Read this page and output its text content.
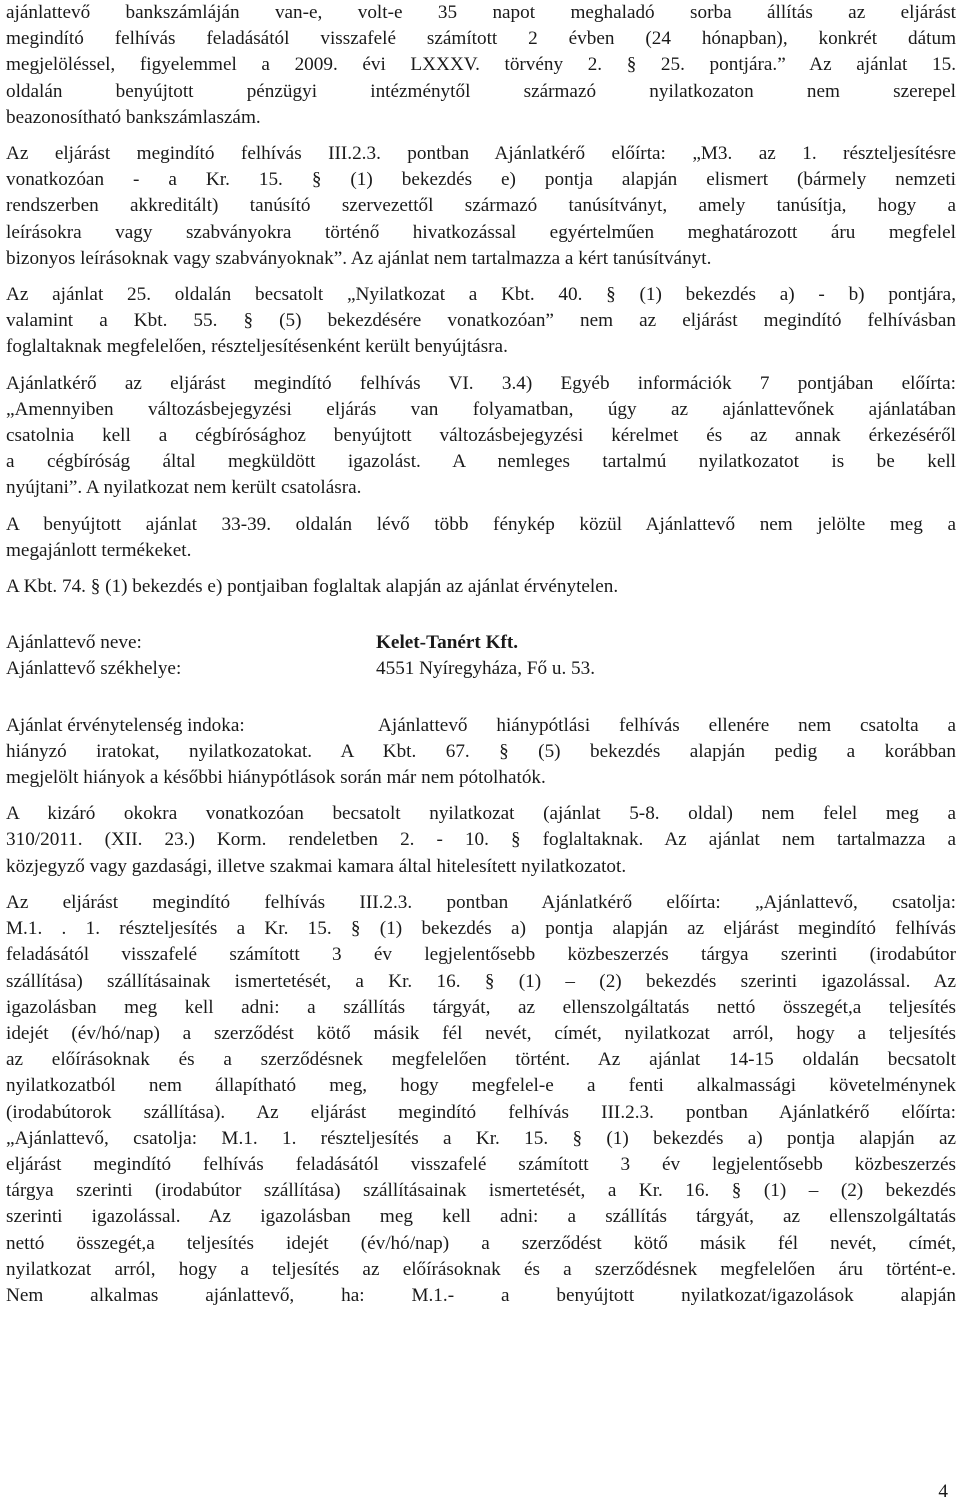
ajánlattevő bankszámláján van-e, volt-e 35 napot meghaladó sorba állítás az eljárást
megindító felhívás feladásától visszafelé számított 2 évben (24 hónapban), konkrét dátum
megjelöléssel, figyelemmel a 2009. évi LXXXV. törvény 2. § 25. pontjára.” Az ajánlat 15.
oldalán benyújtott pénzügyi intézménytől származó nyilatkozaton nem szerepel
beazonosítható bankszámlaszám.
Az eljárást megindító felhívás III.2.3. pontban Ajánlatkérő előírta: „M3. az 1. részteljesítésre
vonatkozóan - a Kr. 15. § (1) bekezdés e) pontja alapján elismert (bármely nemzeti
rendszerben akkreditált) tanúsító szervezettől származó tanúsítványt, amely tanúsítja, hogy a
leírásokra vagy szabványokra történő hivatkozással egyértelműen meghatározott áru megfelel
bizonyos leírásoknak vagy szabványoknak”. Az ajánlat nem tartalmazza a kért tanúsítványt.
Az ajánlat 25. oldalán becsatolt „Nyilatkozat a Kbt. 40. § (1) bekezdés a) - b) pontjára,
valamint a Kbt. 55. § (5) bekezdésére vonatkozóan” nem az eljárást megindító felhívásban
foglaltaknak megfelelően, részteljesítésenként került benyújtásra.
Ajánlatkérő az eljárást megindító felhívás VI. 3.4) Egyéb információk 7 pontjában előírta:
„Amennyiben változásbejegyzési eljárás van folyamatban, úgy az ajánlattevőnek ajánlatában
csatolnia kell a cégbírósághoz benyújtott változásbejegyzési kérelmet és az annak érkezéséről
a cégbíróság által megküldött igazolást. A nemleges tartalmú nyilatkozatot is be kell
nyújtani”. A nyilatkozat nem került csatolásra.
A benyújtott ajánlat 33-39. oldalán lévő több fénykép közül Ajánlattevő nem jelölte meg a
megajánlott termékeket.
A Kbt. 74. § (1) bekezdés e) pontjaiban foglaltak alapján az ajánlat érvénytelen.
Ajánlattevő neve:	Kelet-Tanért Kft.
Ajánlattevő székhelye:	4551 Nyíregyháza, Fő u. 53.
Ajánlat érvénytelenség indoka:	Ajánlattevő hiánypótlási felhívás ellenére nem csatolta a
hiányzó iratokat, nyilatkozatokat. A Kbt. 67. § (5) bekezdés alapján pedig a korábban
megjelölt hiányok a későbbi hiánypótlások során már nem pótolhatók.
A kizáró okokra vonatkozóan becsatolt nyilatkozat (ajánlat 5-8. oldal) nem felel meg a
310/2011. (XII. 23.) Korm. rendeletben 2. - 10. § foglaltaknak. Az ajánlat nem tartalmazza a
közjegyző vagy gazdasági, illetve szakmai kamara által hitelesített nyilatkozatot.
Az eljárást megindító felhívás III.2.3. pontban Ajánlatkérő előírta: „Ajánlattevő, csatolja:
M.1. . 1. részteljesítés a Kr. 15. § (1) bekezdés a) pontja alapján az eljárást megindító felhívás
feladásától visszafelé számított 3 év legjelentősebb közbeszerzés tárgya szerinti (irodabútor
szállítása) szállításainak ismertetését, a Kr. 16. § (1) – (2) bekezdés szerinti igazolással. Az
igazolásban meg kell adni: a szállítás tárgyát, az ellenszolgáltatás nettó összegét,a teljesítés
idejét (év/hó/nap) a szerződést kötő másik fél nevét, címét, nyilatkozat arról, hogy a teljesítés
az előírásoknak és a szerződésnek megfelelően történt. Az ajánlat 14-15 oldalán becsatolt
nyilatkozatból nem állapítható meg, hogy megfelel-e a fenti alkalmassági követelménynek
(irodabútorok szállítása). Az eljárást megindító felhívás III.2.3. pontban Ajánlatkérő előírta:
„Ajánlattevő, csatolja: M.1. 1. részteljesítés a Kr. 15. § (1) bekezdés a) pontja alapján az
eljárást megindító felhívás feladásától visszafelé számított 3 év legjelentősebb közbeszerzés
tárgya szerinti (irodabútor szállítása) szállításainak ismertetését, a Kr. 16. § (1) – (2) bekezdés
szerinti igazolással. Az igazolásban meg kell adni: a szállítás tárgyát, az ellenszolgáltatás
nettó összegét,a teljesítés idejét (év/hó/nap) a szerződést kötő másik fél nevét, címét,
nyilatkozat arról, hogy a teljesítés az előírásoknak és a szerződésnek megfelelően áru történt-e.
Nem alkalmas ajánlattevő, ha: M.1.- a benyújtott nyilatkozat/igazolások alapján
4
